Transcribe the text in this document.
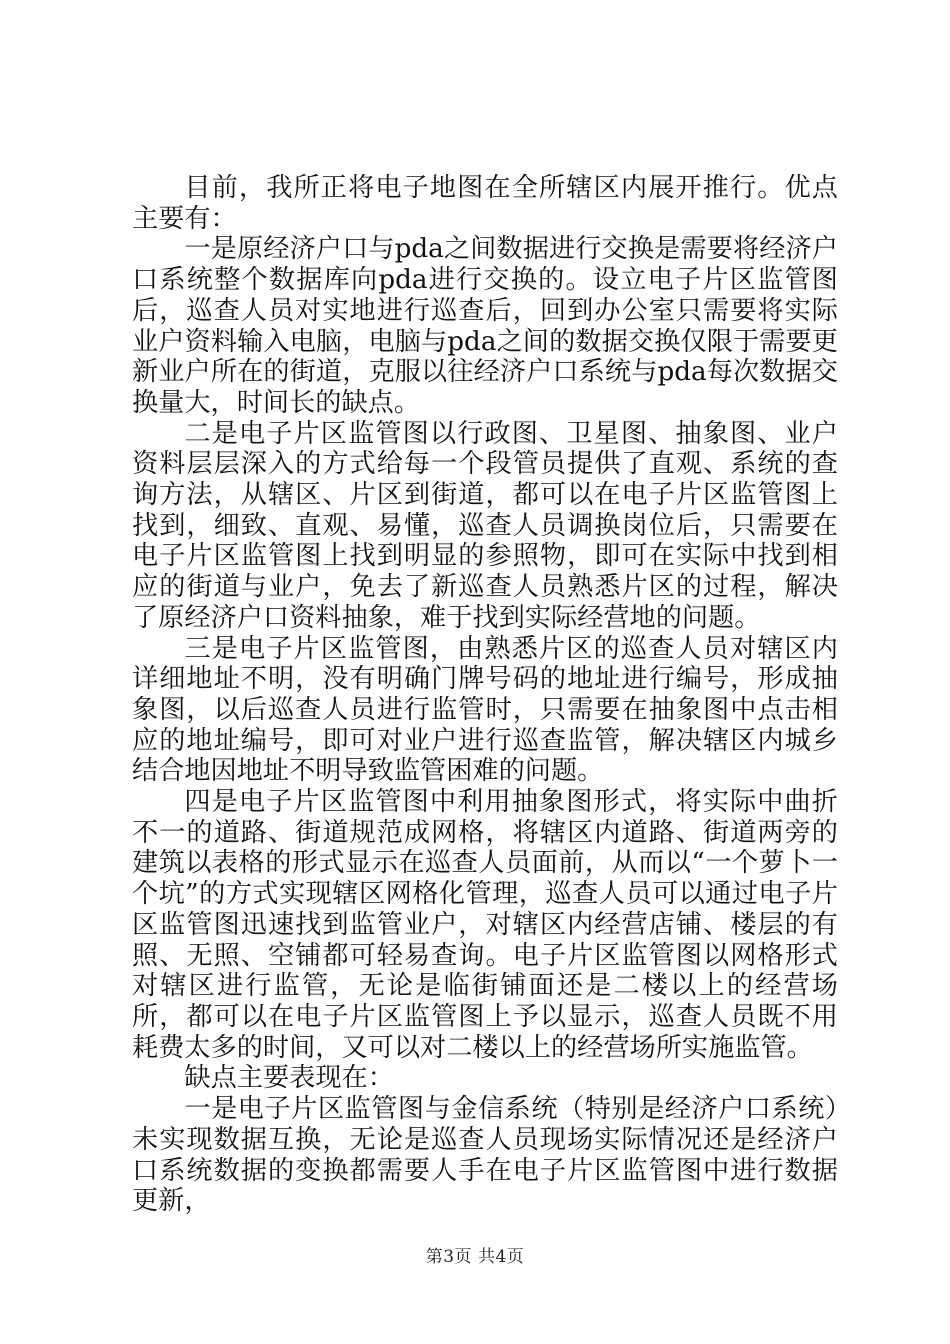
目前，我所正将电子地图在全所辖区内展开推行。优点主要有：

一是原经济户口与pda之间数据进行交换是需要将经济户口系统整个数据库向pda进行交换的。设立电子片区监管图后，巡查人员对实地进行巡查后，回到办公室只需要将实际业户资料输入电脑，电脑与pda之间的数据交换仅限于需要更新业户所在的街道，克服以往经济户口系统与pda每次数据交换量大，时间长的缺点。

二是电子片区监管图以行政图、卫星图、抽象图、业户资料层层深入的方式给每一个段管员提供了直观、系统的查询方法，从辖区、片区到街道，都可以在电子片区监管图上找到，细致、直观、易懂，巡查人员调换岗位后，只需要在电子片区监管图上找到明显的参照物，即可在实际中找到相应的街道与业户，免去了新巡查人员熟悉片区的过程，解决了原经济户口资料抽象，难于找到实际经营地的问题。

三是电子片区监管图，由熟悉片区的巡查人员对辖区内详细地址不明，没有明确门牌号码的地址进行编号，形成抽象图，以后巡查人员进行监管时，只需要在抽象图中点击相应的地址编号，即可对业户进行巡查监管，解决辖区内城乡结合地因地址不明导致监管困难的问题。

四是电子片区监管图中利用抽象图形式，将实际中曲折不一的道路、街道规范成网格，将辖区内道路、街道两旁的建筑以表格的形式显示在巡查人员面前，从而以“一个萝卜一个坑”的方式实现辖区网格化管理，巡查人员可以通过电子片区监管图迅速找到监管业户，对辖区内经营店铺、楼层的有照、无照、空铺都可轻易查询。电子片区监管图以网格形式对辖区进行监管，无论是临街铺面还是二楼以上的经营场所，都可以在电子片区监管图上予以显示，巡查人员既不用耗费太多的时间，又可以对二楼以上的经营场所实施监管。

缺点主要表现在：

一是电子片区监管图与金信系统（特别是经济户口系统）未实现数据互换，无论是巡查人员现场实际情况还是经济户口系统数据的变换都需要人手在电子片区监管图中进行数据更新，

第3页 共4页
